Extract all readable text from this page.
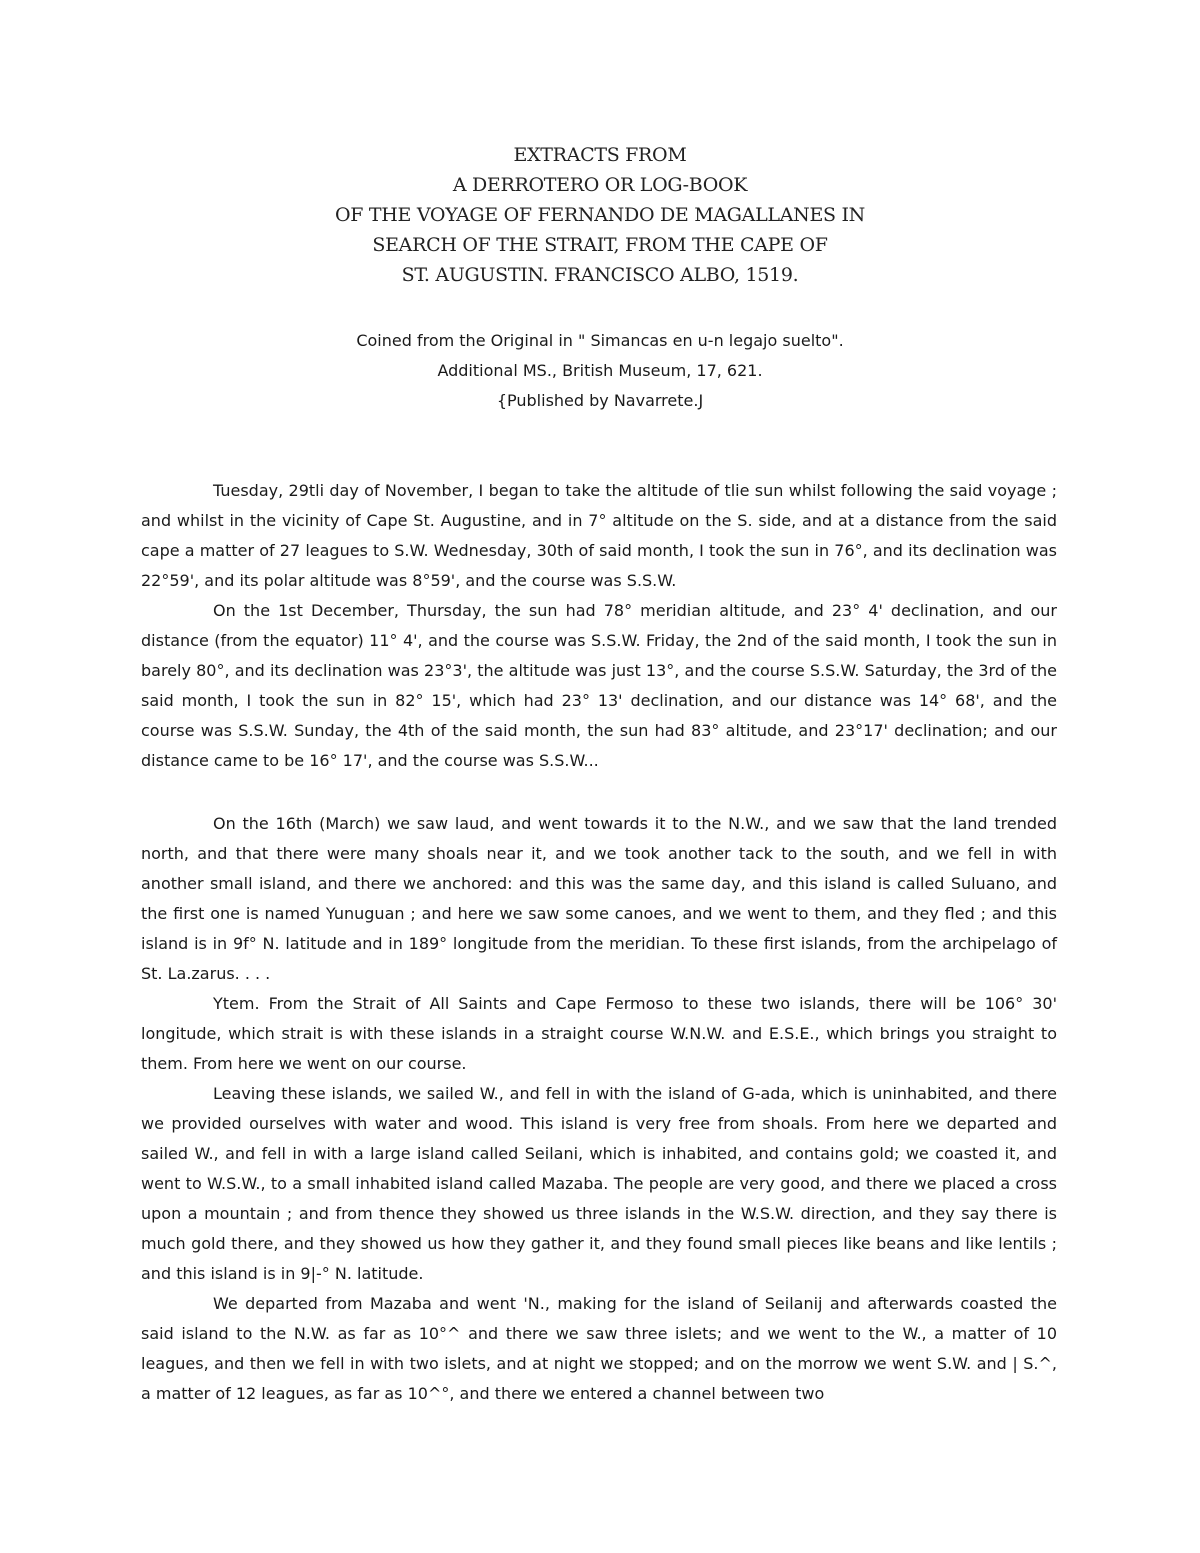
EXTRACTS FROM
A DERROTERO OR LOG-BOOK
OF THE VOYAGE OF FERNANDO DE MAGALLANES IN
SEARCH OF THE STRAIT, FROM THE CAPE OF
ST. AUGUSTIN. FRANCISCO ALBO, 1519.
Coined from the Original in " Simancas en u-n legajo suelto".
Additional MS., British Museum, 17, 621.
{Published by Navarrete.J

Tuesday, 29tli day of November, I began to take the altitude of tlie sun whilst following the said voyage ; and whilst in the vicinity of Cape St. Augustine, and in 7° altitude on the S. side, and at a distance from the said cape a matter of 27 leagues to S.W. Wednesday, 30th of said month, I took the sun in 76°, and its declination was 22°59', and its polar altitude was 8°59', and the course was S.S.W.

On the 1st December, Thursday, the sun had 78° meridian altitude, and 23° 4' declination, and our distance (from the equator) 11° 4', and the course was S.S.W. Friday, the 2nd of the said month, I took the sun in barely 80°, and its declination was 23°3', the altitude was just 13°, and the course S.S.W. Saturday, the 3rd of the said month, I took the sun in 82° 15', which had 23° 13' declination, and our distance was 14° 68', and the course was S.S.W. Sunday, the 4th of the said month, the sun had 83° altitude, and 23°17' declination; and our distance came to be 16° 17', and the course was S.S.W...

On the 16th (March) we saw laud, and went towards it to the N.W., and we saw that the land trended north, and that there were many shoals near it, and we took another tack to the south, and we fell in with another small island, and there we anchored: and this was the same day, and this island is called Suluano, and the first one is named Yunuguan ; and here we saw some canoes, and we went to them, and they fled ; and this island is in 9f° N. latitude and in 189° longitude from the meridian. To these first islands, from the archipelago of St. La.zarus. . . .

Ytem. From the Strait of All Saints and Cape Fermoso to these two islands, there will be 106° 30' longitude, which strait is with these islands in a straight course W.N.W. and E.S.E., which brings you straight to them. From here we went on our course.

Leaving these islands, we sailed W., and fell in with the island of G-ada, which is uninhabited, and there we provided ourselves with water and wood. This island is very free from shoals. From here we departed and sailed W., and fell in with a large island called Seilani, which is inhabited, and contains gold; we coasted it, and went to W.S.W., to a small inhabited island called Mazaba. The people are very good, and there we placed a cross upon a mountain ; and from thence they showed us three islands in the W.S.W. direction, and they say there is much gold there, and they showed us how they gather it, and they found small pieces like beans and like lentils ; and this island is in 9|-° N. latitude.

We departed from Mazaba and went 'N., making for the island of Seilanij and afterwards coasted the said island to the N.W. as far as 10°^ and there we saw three islets; and we went to the W., a matter of 10 leagues, and then we fell in with two islets, and at night we stopped; and on the morrow we went S.W. and | S.^, a matter of 12 leagues, as far as 10^°, and there we entered a channel between two
